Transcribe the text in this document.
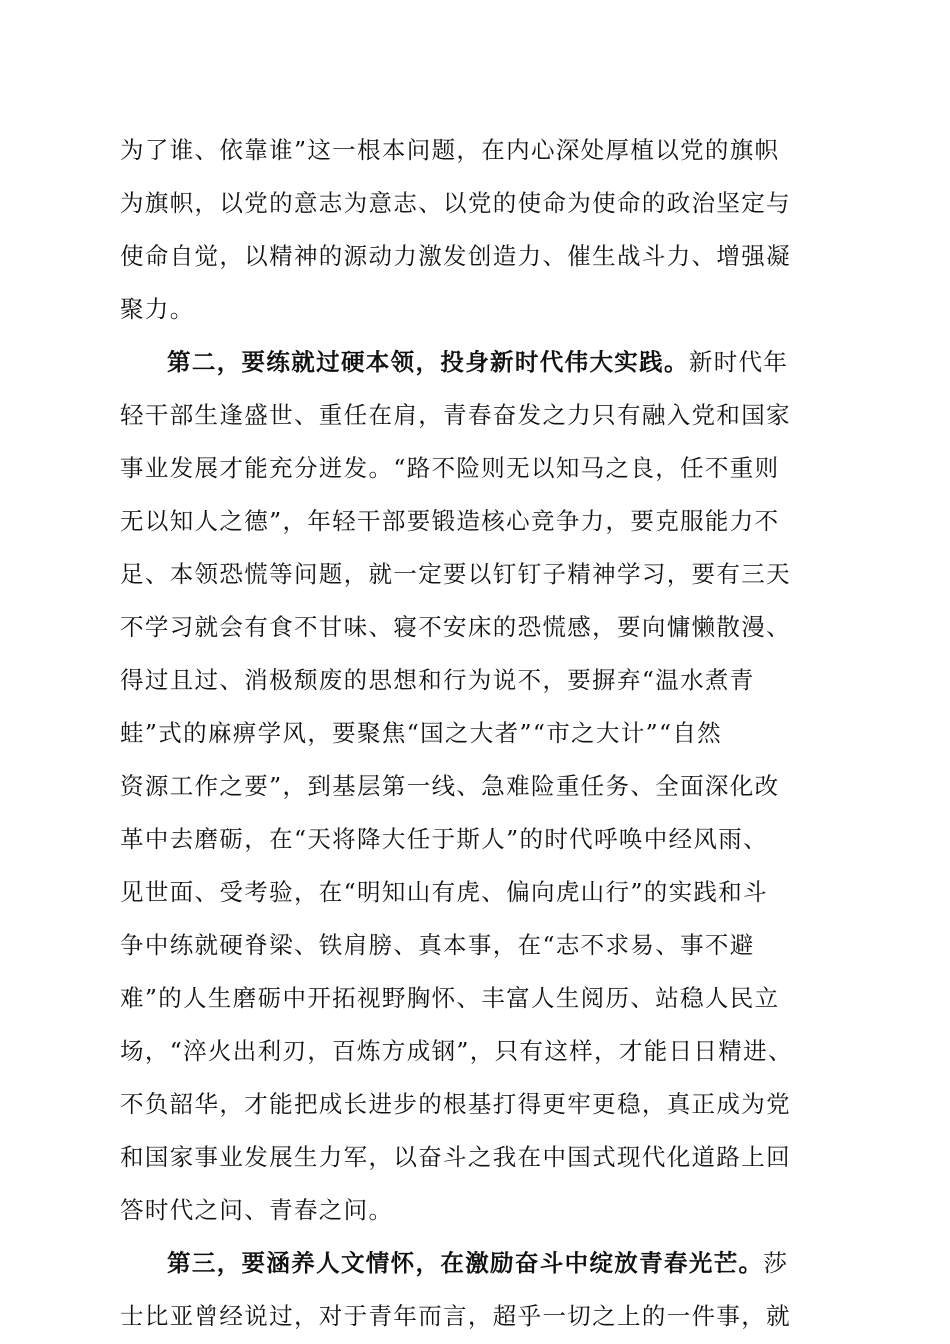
为了谁、依靠谁”这一根本问题，在内心深处厚植以党的旗帜
为旗帜，以党的意志为意志、以党的使命为使命的政治坚定与
使命自觉，以精神的源动力激发创造力、催生战斗力、增强凝
聚力。
第二，要练就过硬本领，投身新时代伟大实践。新时代年
轻干部生逢盛世、重任在肩，青春奋发之力只有融入党和国家
事业发展才能充分迸发。“路不险则无以知马之良，任不重则
无以知人之德”，年轻干部要锻造核心竞争力，要克服能力不
足、本领恐慌等问题，就一定要以钉钉子精神学习，要有三天
不学习就会有食不甘味、寝不安床的恐慌感，要向慵懒散漫、
得过且过、消极颓废的思想和行为说不，要摒弃“温水煮青
蛙”式的麻痹学风，要聚焦“国之大者”“市之大计”“自然
资源工作之要”，到基层第一线、急难险重任务、全面深化改
革中去磨砺，在“天将降大任于斯人”的时代呼唤中经风雨、
见世面、受考验，在“明知山有虎、偏向虎山行”的实践和斗
争中练就硬脊梁、铁肩膀、真本事，在“志不求易、事不避
难”的人生磨砺中开拓视野胸怀、丰富人生阅历、站稳人民立
场，“淬火出利刃，百炼方成钢”，只有这样，才能日日精进、
不负韶华，才能把成长进步的根基打得更牢更稳，真正成为党
和国家事业发展生力军，以奋斗之我在中国式现代化道路上回
答时代之问、青春之问。
第三，要涵养人文情怀，在激励奋斗中绽放青春光芒。莎
士比亚曾经说过，对于青年而言，超乎一切之上的一件事，就
